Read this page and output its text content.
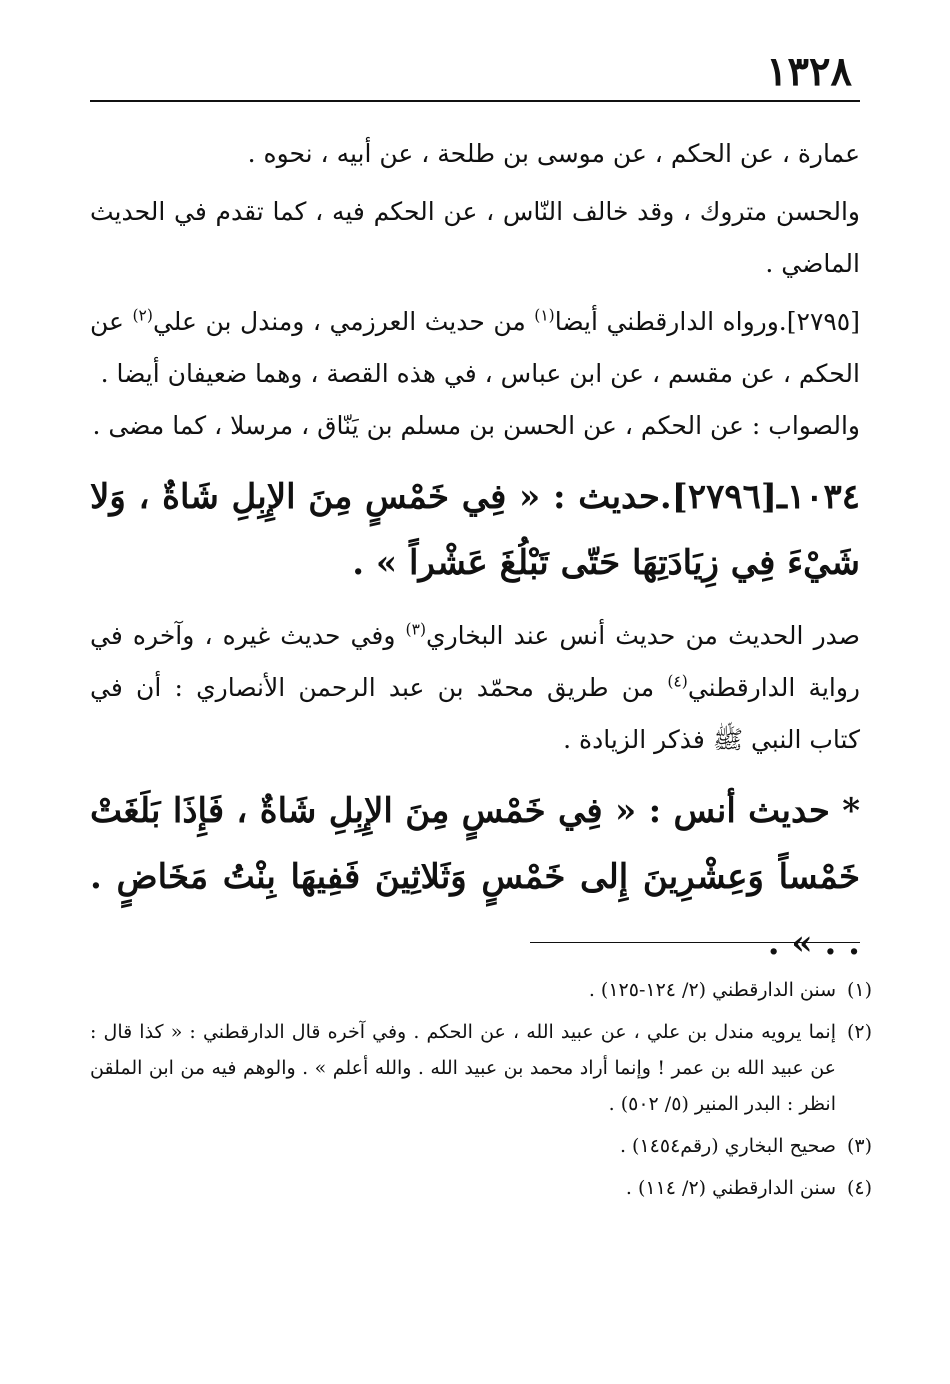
١٣٢٨

عمارة ، عن الحكم ، عن موسى بن طلحة ، عن أبيه ، نحوه .

والحسن متروك ، وقد خالف النّاس ، عن الحكم فيه ، كما تقدم في الحديث الماضي .

[٢٧٩٥].ورواه الدارقطني أيضا$^{(١)}$ من حديث العرزمي ، ومندل بن علي$^{(٢)}$ عن الحكم ، عن مقسم ، عن ابن عباس ، في هذه القصة ، وهما ضعيفان أيضا .

والصواب : عن الحكم ، عن الحسن بن مسلم بن يَنّاق ، مرسلا ، كما مضى .

١٠٣٤ـ[٢٧٩٦].حديث : « فِي خَمْسٍ مِنَ الإِبِلِ شَاةٌ ، وَلا شَيْءَ فِي زِيَادَتِهَا حَتّى تَبْلُغَ عَشْراً » .

صدر الحديث من حديث أنس عند البخاري$^{(٣)}$ وفي حديث غيره ، وآخره في رواية الدارقطني$^{(٤)}$ من طريق محمّد بن عبد الرحمن الأنصاري : أن في كتاب النبي ﷺ فذكر الزيادة .

* حديث أنس : « فِي خَمْسٍ مِنَ الإِبِلِ شَاةٌ ، فَإِذَا بَلَغَتْ خَمْساً وَعِشْرِينَ إِلى خَمْسٍ وَثَلاثِينَ فَفِيهَا بِنْتُ مَخَاضٍ . . . » .

(١)
سنن الدارقطني (٢/ ١٢٤-١٢٥) .
(٢)
إنما يرويه مندل بن علي ، عن عبيد الله ، عن الحكم . وفي آخره قال الدارقطني : « كذا قال : عن عبيد الله بن عمر ! وإنما أراد محمد بن عبيد الله . والله أعلم » . والوهم فيه من ابن الملقن انظر : البدر المنير (٥/ ٥٠٢) .
(٣)
صحيح البخاري (رقم١٤٥٤) .
(٤)
سنن الدارقطني (٢/ ١١٤) .
